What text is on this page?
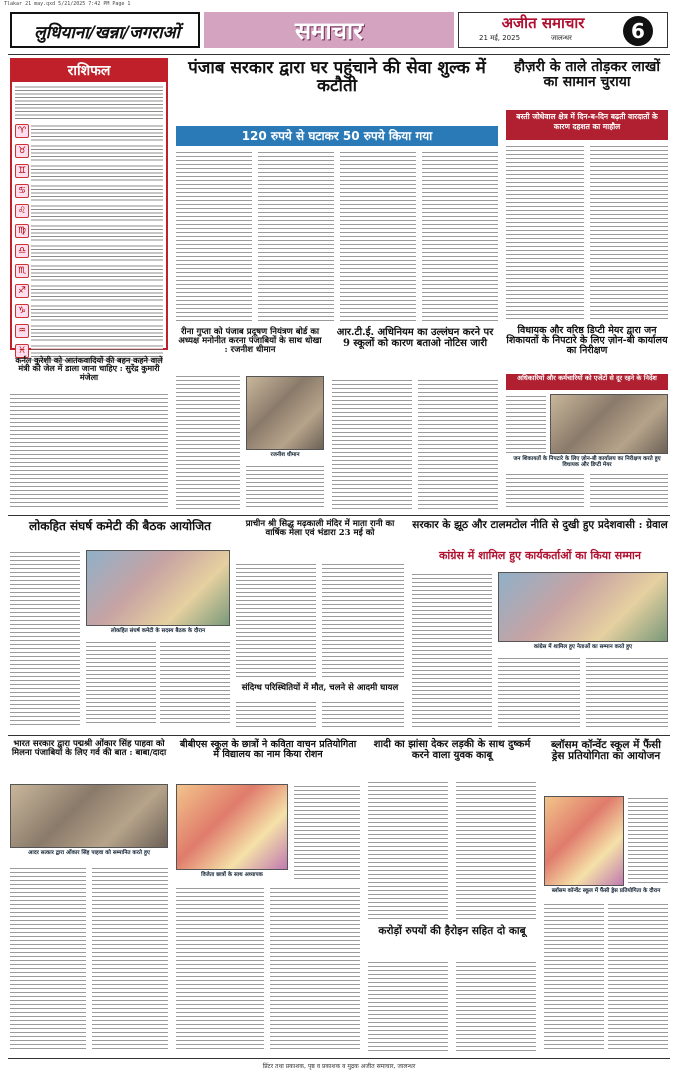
Tlakar 21 may.qxd 5/21/2025 7:42 PM Page 1
लुधियाना/खन्ना/जगराओं	समाचार	अजीत समाचार
21 मई, 2025	जालन्धर	6
राशिफल
♈
♉
♊
♋
♌
♍
♎
♏
♐
♑
♒
♓
पंजाब सरकार द्वारा घर पहुंचाने की सेवा शुल्क में कटौती
120 रुपये से घटाकर 50 रुपये किया गया
हौज़री के ताले तोड़कर लाखों का सामान चुराया
बस्ती जोधेवाल क्षेत्र में दिन-ब-दिन बढ़ती वारदातों के कारण दहशत का माहौल
कर्नल कुरेशी को आतंकवादियों की बहन कहने वाले मंत्री को जेल में डाला जाना चाहिए : सुरेंद्र कुमारी मंजेला
रीना गुप्ता को पंजाब प्रदूषण नियंत्रण बोर्ड का अध्यक्ष मनोनीत करना पंजाबियों के साथ धोखा : रजनीश धीमान
रजनीश धीमान
आर.टी.ई. अधिनियम का उल्लंघन करने पर 9 स्कूलों को कारण बताओ नोटिस जारी
विधायक और वरिष्ठ डिप्टी मेयर द्वारा जन शिकायतों के निपटारे के लिए ज़ोन-बी कार्यालय का निरीक्षण
अधिकारियों और कर्मचारियों को एजेंटों से दूर रहने के निर्देश
जन शिकायतों के निपटारे के लिए ज़ोन-बी कार्यालय का निरीक्षण करते हुए विधायक और डिप्टी मेयर
लोकहित संघर्ष कमेटी की बैठक आयोजित
लोकहित संघर्ष कमेटी के सदस्य बैठक के दौरान
प्राचीन श्री सिद्ध मढ़काली मंदिर में माता रानी का वार्षिक मेला एवं भंडारा 23 मई को
संदिग्ध परिस्थितियों में मौत, चलने से आदमी घायल
सरकार के झूठ और टालमटोल नीति से दुखी हुए प्रदेशवासी : ग्रेवाल
कांग्रेस में शामिल हुए कार्यकर्ताओं का किया सम्मान
कांग्रेस में शामिल हुए नेताओं का सम्मान करते हुए
भारत सरकार द्वारा पद्मश्री ओंकार सिंह पाहवा को मिलना पंजाबियों के लिए गर्व की बात : बाबा/दादा
आदर सत्कार द्वारा ओंकार सिंह पाहवा को सम्मानित करते हुए
बीबीएस स्कूल के छात्रों ने कविता वाचन प्रतियोगिता में विद्यालय का नाम किया रोशन
विजेता छात्रों के साथ अध्यापक
शादी का झांसा देकर लड़की के साथ दुष्कर्म करने वाला युवक काबू
करोड़ों रुपयों की हैरोइन सहित दो काबू
ब्लॉसम कॉन्वेंट स्कूल में फैंसी ड्रेस प्रतियोगिता का आयोजन
ब्लॉसम कॉन्वेंट स्कूल में फैंसी ड्रेस प्रतियोगिता के दौरान
प्रिंटर तथा प्रकाशक, पृष्ठ व प्रकाशक व मुद्रक अजीत समाचार, जालन्धर
